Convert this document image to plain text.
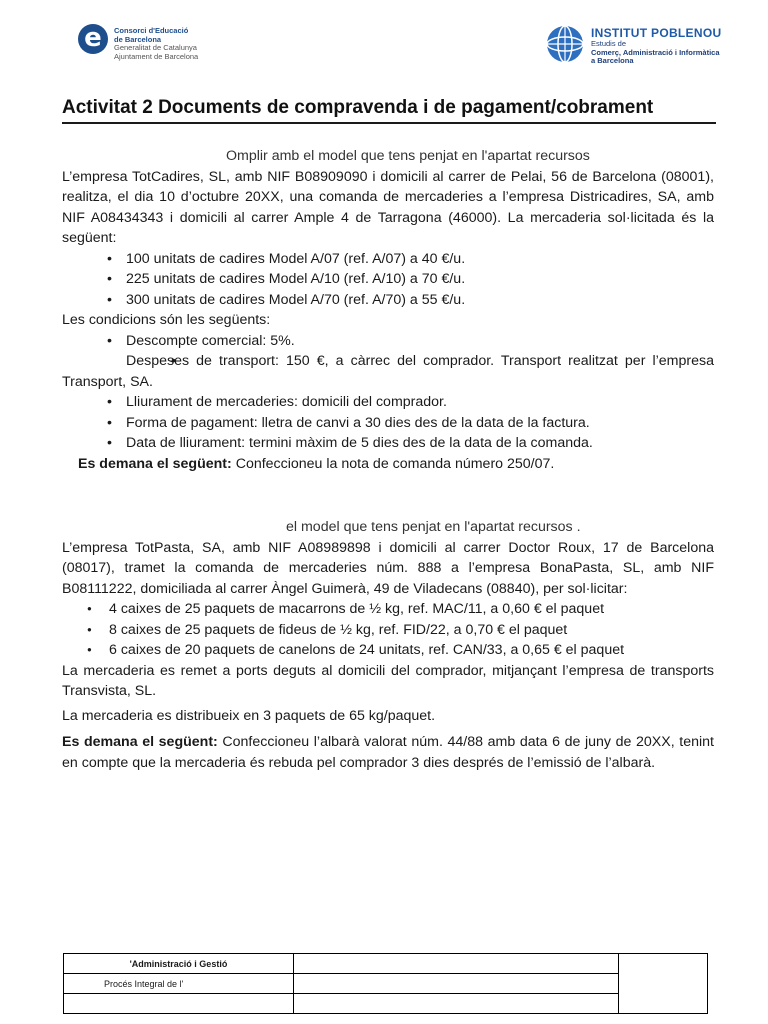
e	Consorci d'Educació
de Barcelona
Generalitat de Catalunya
Ajuntament de Barcelona
INSTITUT POBLENOU
Estudis de
Comerç, Administració i Informàtica
a Barcelona
Activitat 2 Documents de compravenda i de pagament/cobrament
Omplir amb el model que tens penjat en l'apartat recursos
L’empresa TotCadires, SL, amb NIF B08909090 i domicili al carrer de Pelai, 56 de Barcelona (08001), realitza, el dia 10 d’octubre 20XX, una comanda de mercaderies a l’empresa Districadires, SA, amb NIF A08434343 i domicili al carrer Ample 4 de Tarragona (46000). La mercaderia sol·licitada és la següent:
• 100 unitats de cadires Model A/07 (ref. A/07) a 40 €/u.
• 225 unitats de cadires Model A/10 (ref. A/10) a 70 €/u.
• 300 unitats de cadires Model A/70 (ref. A/70) a 55 €/u.
Les condicions són les següents:
• Descompte comercial: 5%.
• Despeses de transport: 150 €, a càrrec del comprador. Transport realitzat per l’empresa Transport, SA.
• Lliurament de mercaderies: domicili del comprador.
• Forma de pagament: lletra de canvi a 30 dies des de la data de la factura.
• Data de lliurament: termini màxim de 5 dies des de la data de la comanda.
Es demana el següent: Confeccioneu la nota de comanda número 250/07.
el model que tens penjat en l'apartat recursos .
L’empresa TotPasta, SA, amb NIF A08989898 i domicili al carrer Doctor Roux, 17 de Barcelona (08017), tramet la comanda de mercaderies núm. 888 a l’empresa BonaPasta, SL, amb NIF B08111222, domiciliada al carrer Àngel Guimerà, 49 de Viladecans (08840), per sol·licitar:
● 4 caixes de 25 paquets de macarrons de ½ kg, ref. MAC/11, a 0,60 € el paquet
● 8 caixes de 25 paquets de fideus de ½ kg, ref. FID/22, a 0,70 € el paquet
● 6 caixes de 20 paquets de canelons de 24 unitats, ref. CAN/33, a 0,65 € el paquet
La mercaderia es remet a ports deguts al domicili del comprador, mitjançant l’empresa de transports Transvista, SL.
La mercaderia es distribueix en 3 paquets de 65 kg/paquet.
Es demana el següent: Confeccioneu l’albarà valorat núm. 44/88 amb data 6 de juny de 20XX, tenint en compte que la mercaderia és rebuda pel comprador 3 dies després de l’emissió de l’albarà.
'Administració i Gestió		
Procés Integral de l'		
